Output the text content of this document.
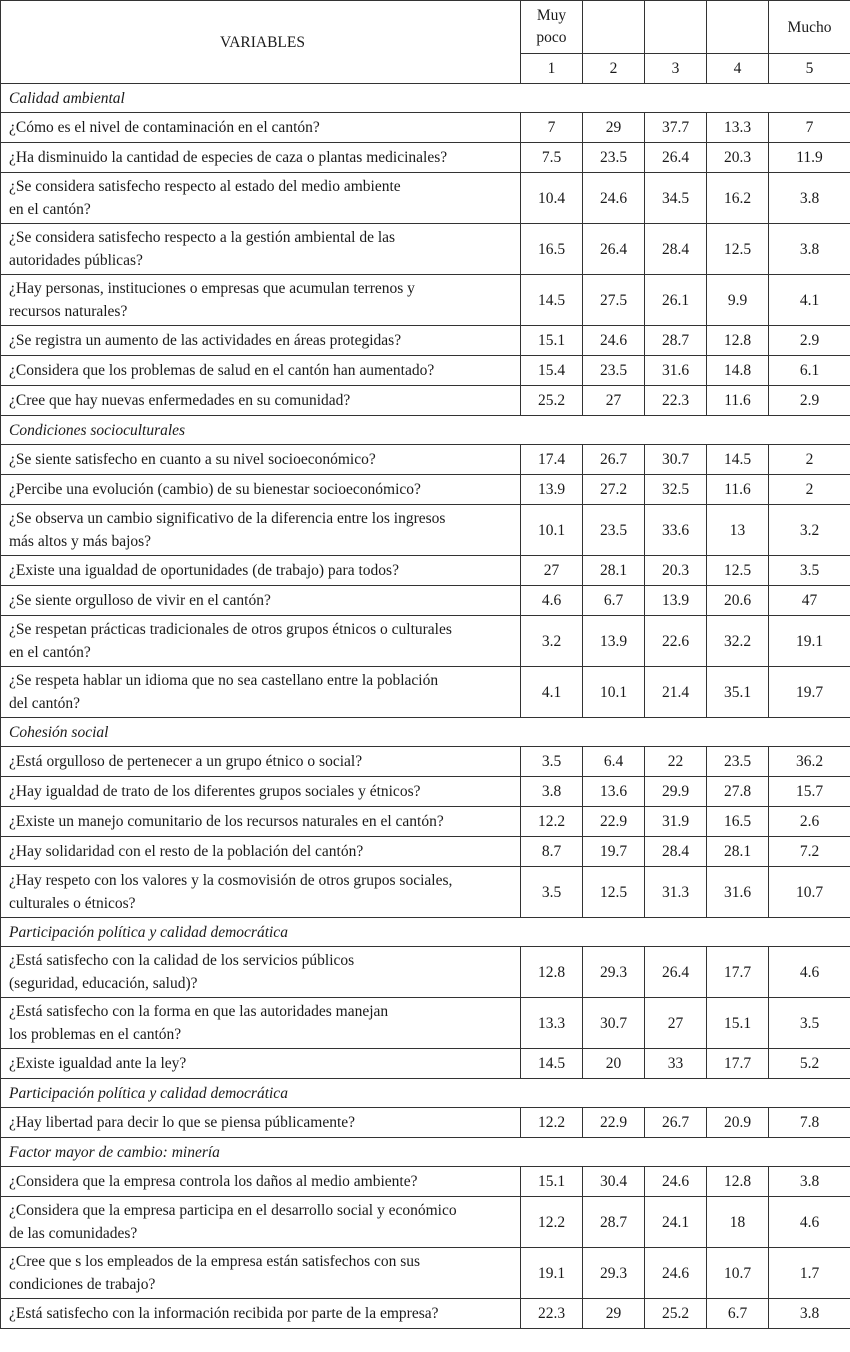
VARIABLES	Muy poco				Mucho
	1	2	3	4	5
Calidad ambiental					
¿Cómo es el nivel de contaminación en el cantón?	7	29	37.7	13.3	7
¿Ha disminuido la cantidad de especies de caza o plantas medicinales?	7.5	23.5	26.4	20.3	11.9
¿Se considera satisfecho respecto al estado del medio ambiente
en el cantón?	10.4	24.6	34.5	16.2	3.8
¿Se considera satisfecho respecto a la gestión ambiental de las
autoridades públicas?	16.5	26.4	28.4	12.5	3.8
¿Hay personas, instituciones o empresas que acumulan terrenos y
recursos naturales?	14.5	27.5	26.1	9.9	4.1
¿Se registra un aumento de las actividades en áreas protegidas?	15.1	24.6	28.7	12.8	2.9
¿Considera que los problemas de salud en el cantón han aumentado?	15.4	23.5	31.6	14.8	6.1
¿Cree que hay nuevas enfermedades en su comunidad?	25.2	27	22.3	11.6	2.9
Condiciones socioculturales					
¿Se siente satisfecho en cuanto a su nivel socioeconómico?	17.4	26.7	30.7	14.5	2
¿Percibe una evolución (cambio) de su bienestar socioeconómico?	13.9	27.2	32.5	11.6	2
¿Se observa un cambio significativo de la diferencia entre los ingresos
más altos y más bajos?	10.1	23.5	33.6	13	3.2
¿Existe una igualdad de oportunidades (de trabajo) para todos?	27	28.1	20.3	12.5	3.5
¿Se siente orgulloso de vivir en el cantón?	4.6	6.7	13.9	20.6	47
¿Se respetan prácticas tradicionales de otros grupos étnicos o culturales
en el cantón?	3.2	13.9	22.6	32.2	19.1
¿Se respeta hablar un idioma que no sea castellano entre la población
del cantón?	4.1	10.1	21.4	35.1	19.7
Cohesión social					
¿Está orgulloso de pertenecer a un grupo étnico o social?	3.5	6.4	22	23.5	36.2
¿Hay igualdad de trato de los diferentes grupos sociales y étnicos?	3.8	13.6	29.9	27.8	15.7
¿Existe un manejo comunitario de los recursos naturales en el cantón?	12.2	22.9	31.9	16.5	2.6
¿Hay solidaridad con el resto de la población del cantón?	8.7	19.7	28.4	28.1	7.2
¿Hay respeto con los valores y la cosmovisión de otros grupos sociales,
culturales o étnicos?	3.5	12.5	31.3	31.6	10.7
Participación política y calidad democrática					
¿Está satisfecho con la calidad de los servicios públicos
(seguridad, educación, salud)?	12.8	29.3	26.4	17.7	4.6
¿Está satisfecho con la forma en que las autoridades manejan
los problemas en el cantón?	13.3	30.7	27	15.1	3.5
¿Existe igualdad ante la ley?	14.5	20	33	17.7	5.2
Participación política y calidad democrática					
¿Hay libertad para decir lo que se piensa públicamente?	12.2	22.9	26.7	20.9	7.8
Factor mayor de cambio: minería					
¿Considera que la empresa controla los daños al medio ambiente?	15.1	30.4	24.6	12.8	3.8
¿Considera que la empresa participa en el desarrollo social y económico
de las comunidades?	12.2	28.7	24.1	18	4.6
¿Cree que s los empleados de la empresa están satisfechos con sus
condiciones de trabajo?	19.1	29.3	24.6	10.7	1.7
¿Está satisfecho con la información recibida por parte de la empresa?	22.3	29	25.2	6.7	3.8
